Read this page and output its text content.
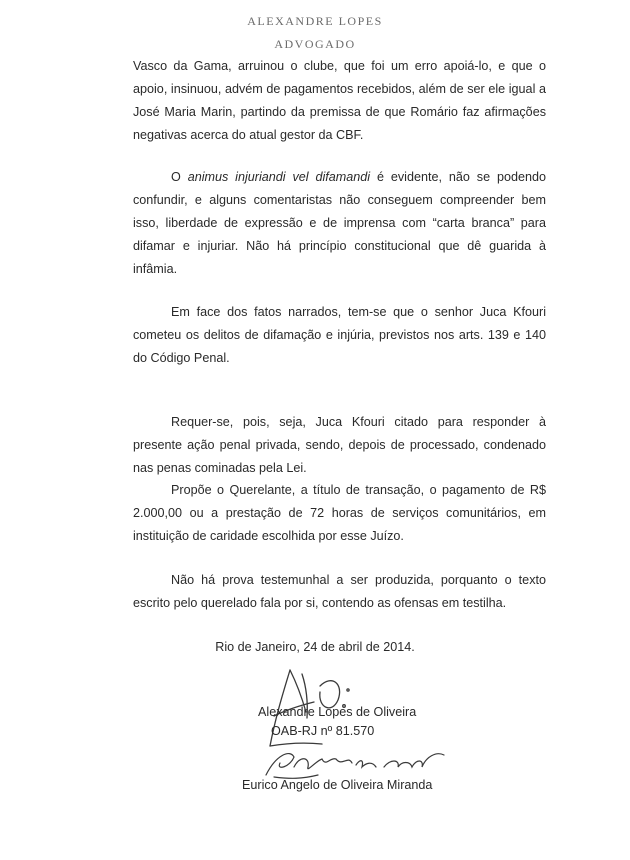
ALEXANDRE LOPES
ADVOGADO

Vasco da Gama, arruinou o clube, que foi um erro apoiá-lo, e que o apoio, insinuou, advém de pagamentos recebidos, além de ser ele igual a José Maria Marin, partindo da premissa de que Romário faz afirmações negativas acerca do atual gestor da CBF.

O animus injuriandi vel difamandi é evidente, não se podendo confundir, e alguns comentaristas não conseguem compreender bem isso, liberdade de expressão e de imprensa com “carta branca” para difamar e injuriar. Não há princípio constitucional que dê guarida à infâmia.

Em face dos fatos narrados, tem-se que o senhor Juca Kfouri cometeu os delitos de difamação e injúria, previstos nos arts. 139 e 140 do Código Penal.

Requer-se, pois, seja, Juca Kfouri citado para responder à presente ação penal privada, sendo, depois de processado, condenado nas penas cominadas pela Lei.

Propõe o Querelante, a título de transação, o pagamento de R$ 2.000,00 ou a prestação de 72 horas de serviços comunitários, em instituição de caridade escolhida por esse Juízo.

Não há prova testemunhal a ser produzida, porquanto o texto escrito pelo querelado fala por si, contendo as ofensas em testilha.

Rio de Janeiro, 24 de abril de 2014.
Alexandre Lopes de Oliveira
OAB-RJ nº 81.570
Eurico Angelo de Oliveira Miranda
